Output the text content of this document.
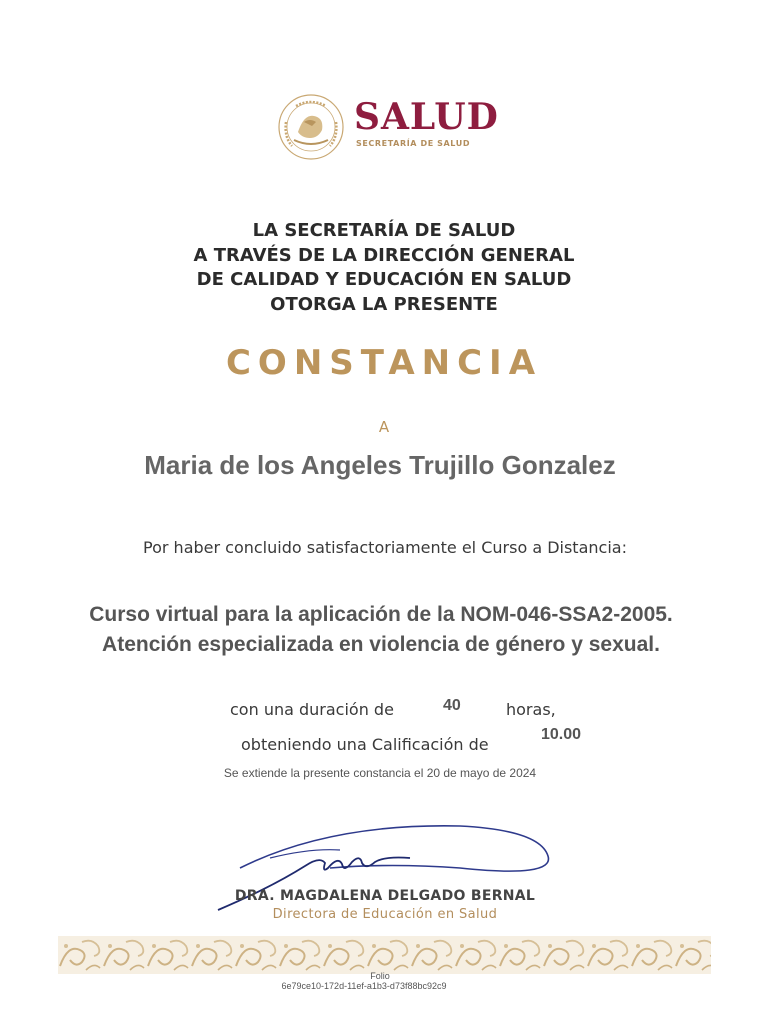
SALUD
SECRETARÍA DE SALUD
LA SECRETARÍA DE SALUD
A TRAVÉS DE LA DIRECCIÓN GENERAL
DE CALIDAD Y EDUCACIÓN EN SALUD
OTORGA LA PRESENTE
CONSTANCIA
A
Maria de los Angeles Trujillo Gonzalez
Por haber concluido satisfactoriamente el Curso a Distancia:
Curso virtual para la aplicación de la NOM-046-SSA2-2005.
Atención especializada en violencia de género y sexual.
con una duración de	40	horas,
obteniendo una Calificación de
10.00
Se extiende la presente constancia el 20 de mayo de 2024
DRA. MAGDALENA DELGADO BERNAL
Directora de Educación en Salud
Folio
6e79ce10-172d-11ef-a1b3-d73f88bc92c9
